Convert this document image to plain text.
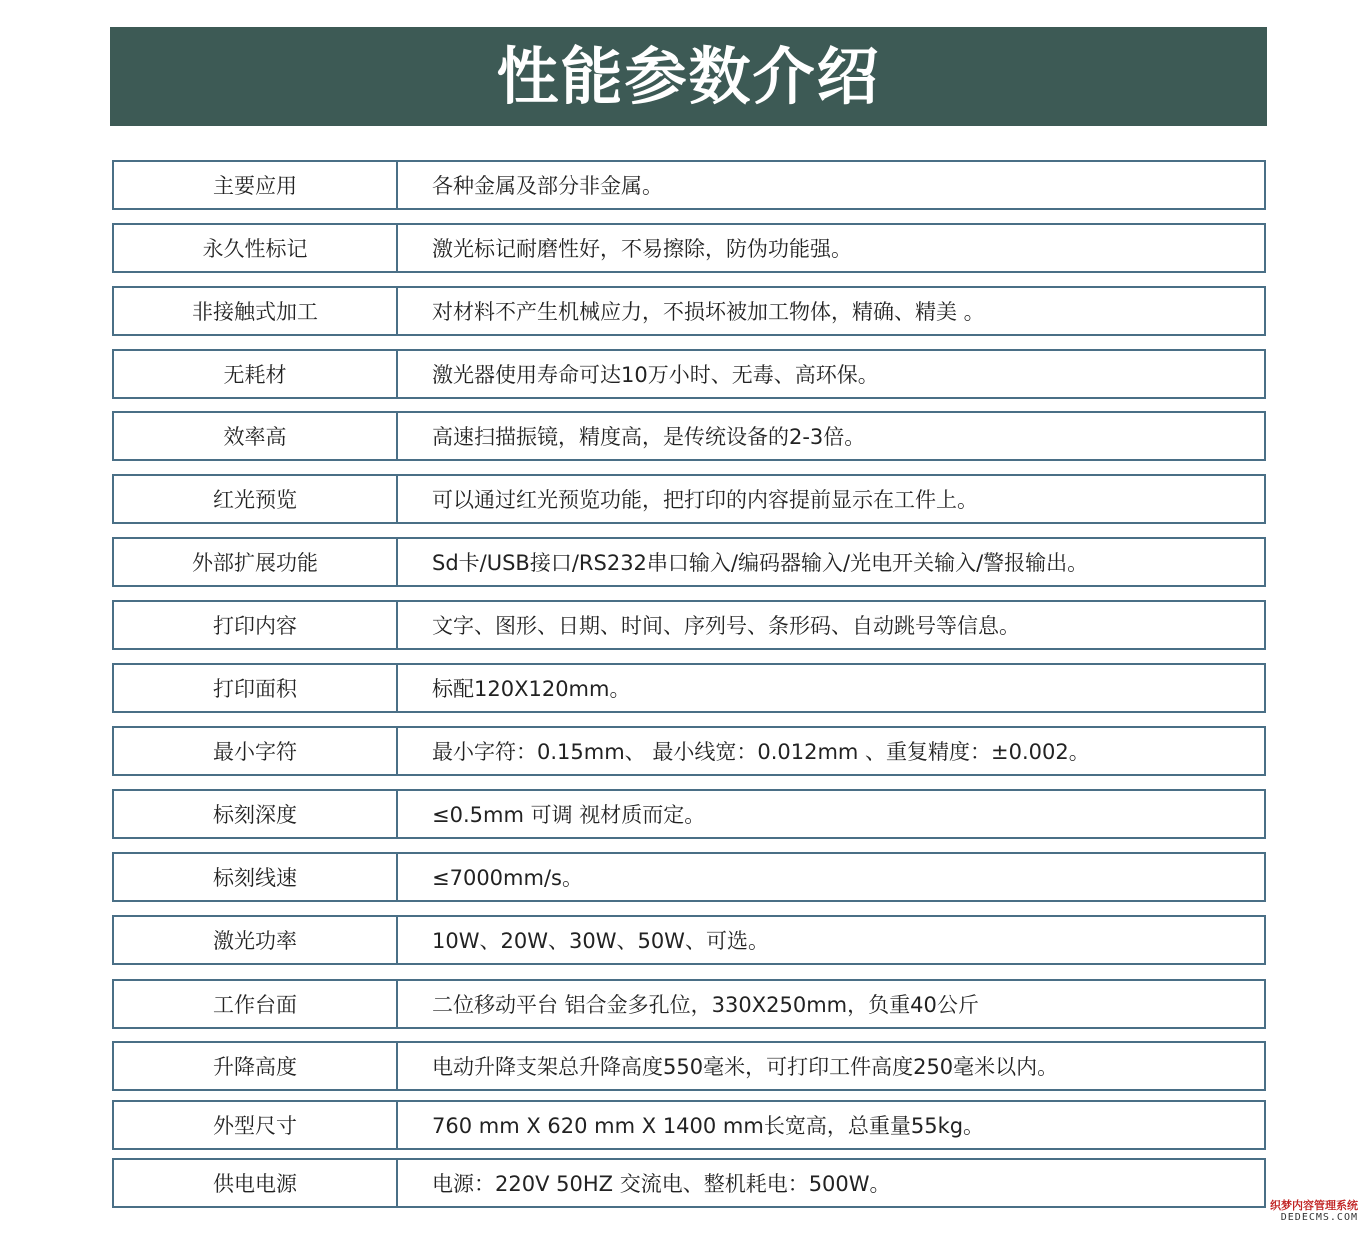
性能参数介绍
主要应用	各种金属及部分非金属。
永久性标记	激光标记耐磨性好，不易擦除，防伪功能强。
非接触式加工	对材料不产生机械应力，不损坏被加工物体，精确、精美 。
无耗材	激光器使用寿命可达10万小时、无毒、高环保。
效率高	高速扫描振镜，精度高，是传统设备的2-3倍。
红光预览	可以通过红光预览功能，把打印的内容提前显示在工件上。
外部扩展功能	Sd卡/USB接口/RS232串口输入/编码器输入/光电开关输入/警报输出。
打印内容	文字、图形、日期、时间、序列号、条形码、自动跳号等信息。
打印面积	标配120X120mm。
最小字符	最小字符：0.15mm、 最小线宽：0.012mm 、重复精度：±0.002。
标刻深度	≤0.5mm 可调 视材质而定。
标刻线速	≤7000mm/s。
激光功率	10W、20W、30W、50W、可选。
工作台面	二位移动平台 铝合金多孔位，330X250mm，负重40公斤
升降高度	电动升降支架总升降高度550毫米，可打印工件高度250毫米以内。
外型尺寸	760 mm X 620 mm X 1400 mm长宽高，总重量55kg。
供电电源	电源：220V 50HZ 交流电、整机耗电：500W。
织梦内容管理系统
DEDECMS.COM
